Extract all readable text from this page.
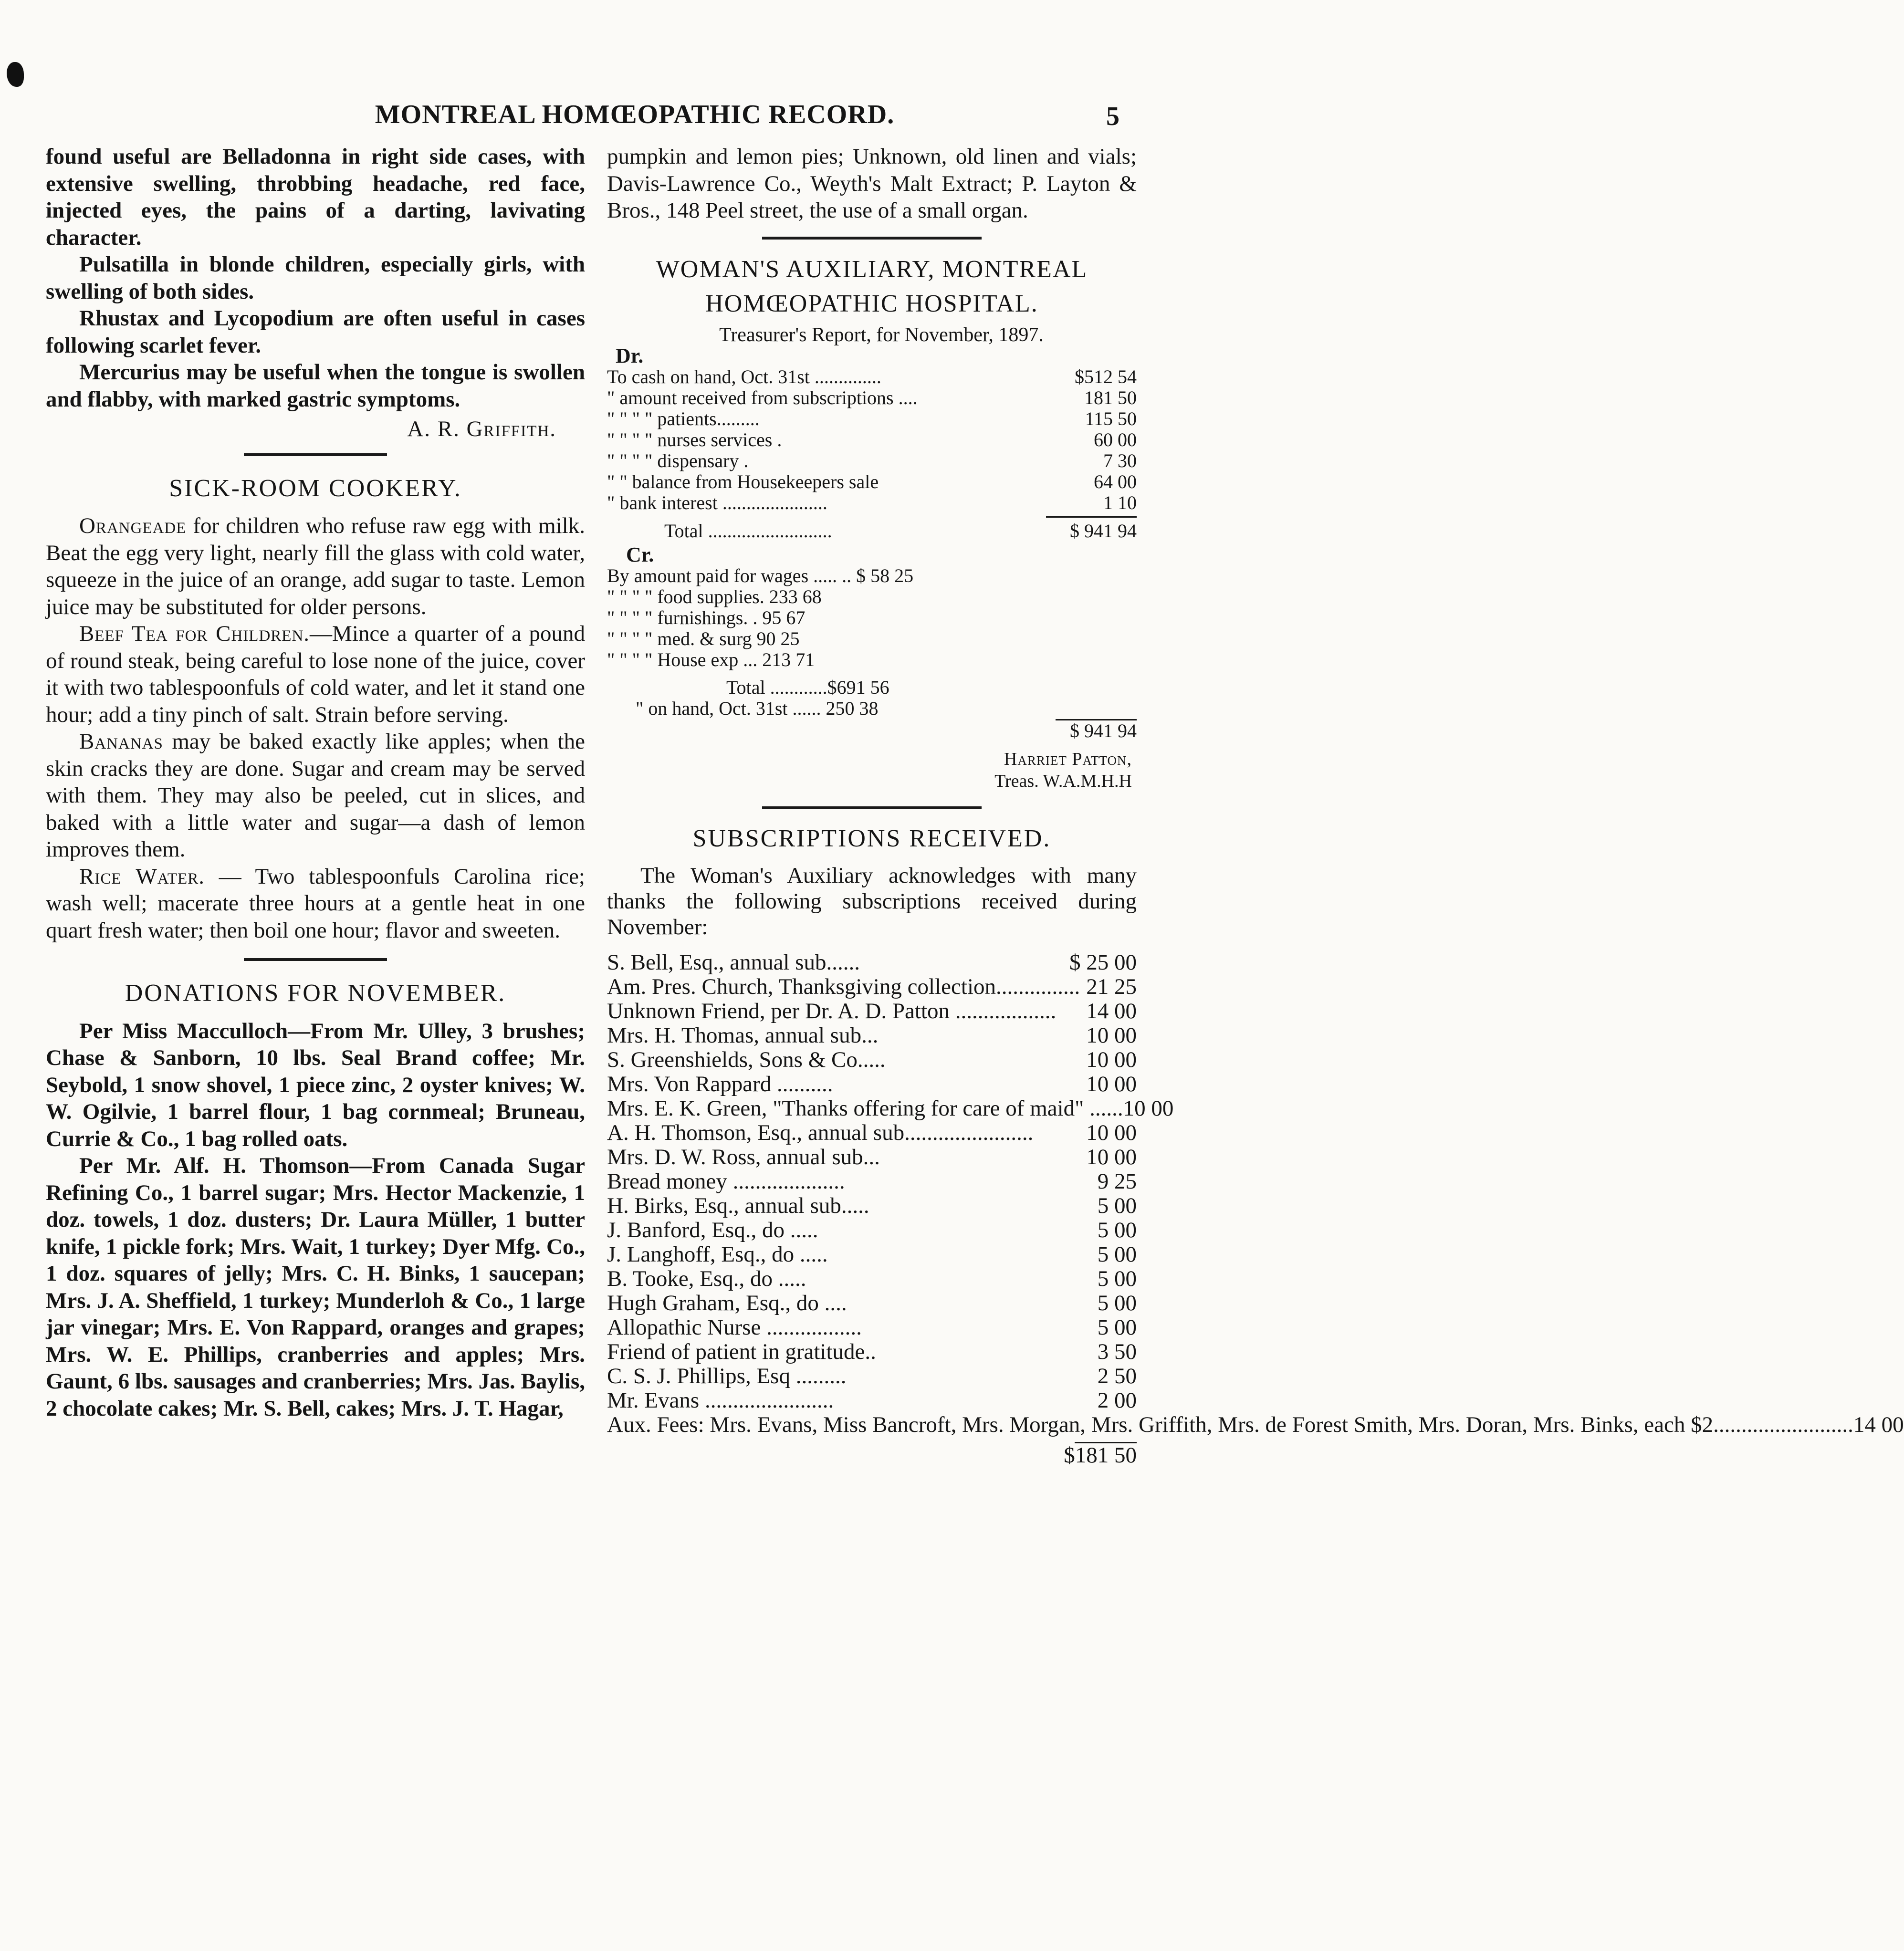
MONTREAL HOMŒOPATHIC RECORD.	5

found useful are Belladonna in right side cases, with extensive swelling, throbbing headache, red face, injected eyes, the pains of a darting, lavivating character.

Pulsatilla in blonde children, especially girls, with swelling of both sides.

Rhustax and Lycopodium are often useful in cases following scarlet fever.

Mercurius may be useful when the tongue is swollen and flabby, with marked gastric symptoms.

A. R. Griffith.

SICK-ROOM COOKERY.

Orangeade for children who refuse raw egg with milk. Beat the egg very light, nearly fill the glass with cold water, squeeze in the juice of an orange, add sugar to taste. Lemon juice may be substituted for older persons.

Beef Tea for Children.—Mince a quarter of a pound of round steak, being careful to lose none of the juice, cover it with two tablespoonfuls of cold water, and let it stand one hour; add a tiny pinch of salt. Strain before serving.

Bananas may be baked exactly like apples; when the skin cracks they are done. Sugar and cream may be served with them. They may also be peeled, cut in slices, and baked with a little water and sugar—a dash of lemon improves them.

Rice Water. — Two tablespoonfuls Carolina rice; wash well; macerate three hours at a gentle heat in one quart fresh water; then boil one hour; flavor and sweeten.

DONATIONS FOR NOVEMBER.

Per Miss Macculloch—From Mr. Ulley, 3 brushes; Chase & Sanborn, 10 lbs. Seal Brand coffee; Mr. Seybold, 1 snow shovel, 1 piece zinc, 2 oyster knives; W. W. Ogilvie, 1 barrel flour, 1 bag cornmeal; Bruneau, Currie & Co., 1 bag rolled oats.

Per Mr. Alf. H. Thomson—From Canada Sugar Refining Co., 1 barrel sugar; Mrs. Hector Mackenzie, 1 doz. towels, 1 doz. dusters; Dr. Laura Müller, 1 butter knife, 1 pickle fork; Mrs. Wait, 1 turkey; Dyer Mfg. Co., 1 doz. squares of jelly; Mrs. C. H. Binks, 1 saucepan; Mrs. J. A. Sheffield, 1 turkey; Munderloh & Co., 1 large jar vinegar; Mrs. E. Von Rappard, oranges and grapes; Mrs. W. E. Phillips, cranberries and apples; Mrs. Gaunt, 6 lbs. sausages and cranberries; Mrs. Jas. Baylis, 2 chocolate cakes; Mr. S. Bell, cakes; Mrs. J. T. Hagar,

pumpkin and lemon pies; Unknown, old linen and vials; Davis-Lawrence Co., Weyth's Malt Extract; P. Layton & Bros., 148 Peel street, the use of a small organ.

WOMAN'S AUXILIARY, MONTREAL
HOMŒOPATHIC HOSPITAL.
Treasurer's Report, for November, 1897.
Dr.
To cash on hand, Oct. 31st ..............	$512 54
" amount received from subscriptions ....	181 50
" " " " patients.........	115 50
" " " " nurses services .	60 00
" " " " dispensary .	7 30
" " balance from Housekeepers sale	64 00
" bank interest ......................	1 10
Total ..........................	$ 941 94
Cr.
By amount paid for wages ..... .. $ 58 25
" " " " food supplies. 233 68
" " " " furnishings. . 95 67
" " " " med. & surg 90 25
" " " " House exp ... 213 71
Total ............$691 56
" on hand, Oct. 31st ...... 250 38
$ 941 94
Harriet Patton,
Treas. W.A.M.H.H
SUBSCRIPTIONS RECEIVED.

The Woman's Auxiliary acknowledges with many thanks the following subscriptions received during November:

S. Bell, Esq., annual sub......	$ 25 00
Am. Pres. Church, Thanksgiving collection............... 21 25
Unknown Friend, per Dr. A. D. Patton ..................	14 00
Mrs. H. Thomas, annual sub...	10 00
S. Greenshields, Sons & Co.....	10 00
Mrs. Von Rappard ..........	10 00
Mrs. E. K. Green, "Thanks offering for care of maid" ...... 10 00
A. H. Thomson, Esq., annual sub.......................	10 00
Mrs. D. W. Ross, annual sub...	10 00
Bread money ....................	9 25
H. Birks, Esq., annual sub.....	5 00
J. Banford, Esq., do .....	5 00
J. Langhoff, Esq., do .....	5 00
B. Tooke, Esq., do .....	5 00
Hugh Graham, Esq., do ....	5 00
Allopathic Nurse .................	5 00
Friend of patient in gratitude..	3 50
C. S. J. Phillips, Esq .........	2 50
Mr. Evans .......................	2 00
Aux. Fees: Mrs. Evans, Miss Bancroft, Mrs. Morgan, Mrs. Griffith, Mrs. de Forest Smith, Mrs. Doran, Mrs. Binks, each $2......................... 14 00
$181 50
